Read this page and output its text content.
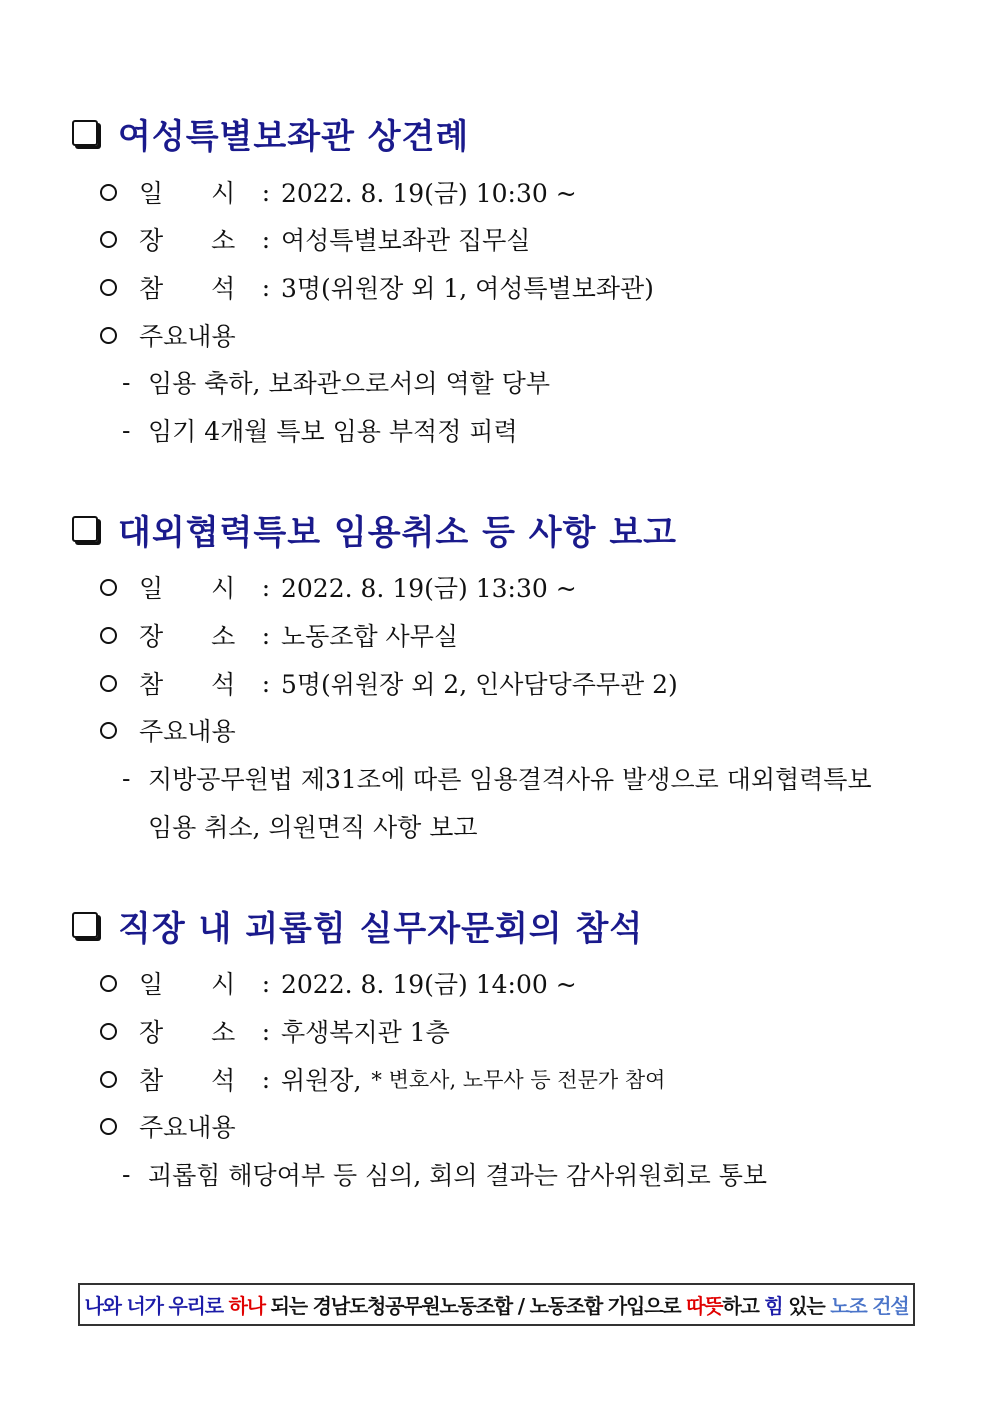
여성특별보좌관 상견례
일 시	: 2022. 8. 19(금) 10:30 ~
장 소	: 여성특별보좌관 집무실
참 석	: 3명(위원장 외 1, 여성특별보좌관)
주요내용
- 임용 축하, 보좌관으로서의 역할 당부
- 임기 4개월 특보 임용 부적정 피력
대외협력특보 임용취소 등 사항 보고
일 시	: 2022. 8. 19(금) 13:30 ~
장 소	: 노동조합 사무실
참 석	: 5명(위원장 외 2, 인사담당주무관 2)
주요내용
- 지방공무원법 제31조에 따른 임용결격사유 발생으로 대외협력특보
임용 취소, 의원면직 사항 보고
직장 내 괴롭힘 실무자문회의 참석
일 시	: 2022. 8. 19(금) 14:00 ~
장 소	: 후생복지관 1층
참 석	: 위원장, * 변호사, 노무사 등 전문가 참여
주요내용
- 괴롭힘 해당여부 등 심의, 회의 결과는 감사위원회로 통보
나와 너가 우리로
하나
되는 경남도청공무원노동조합 / 노동조합 가입으로
따뜻 하고
힘
있는
노조 건설
